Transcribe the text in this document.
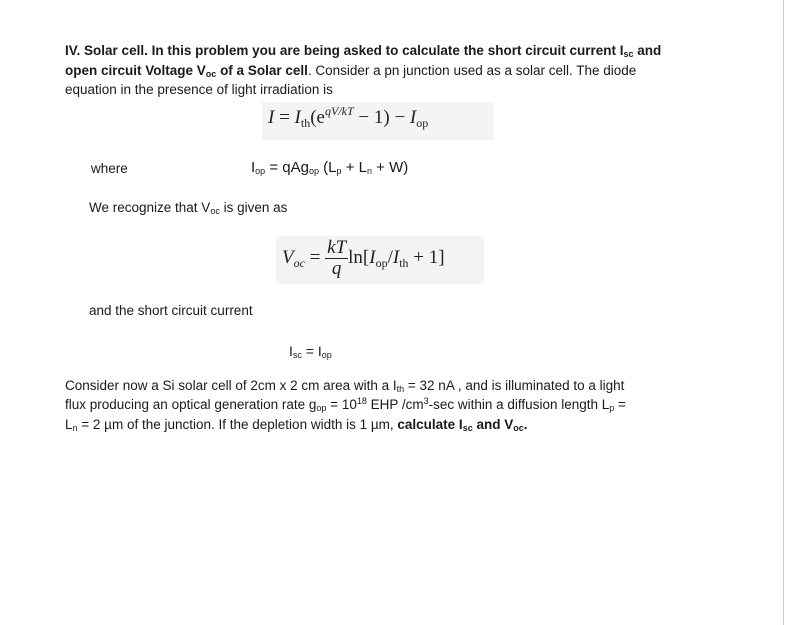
IV. Solar cell. In this problem you are being asked to calculate the short circuit current $I_{sc}$ and
open circuit Voltage $V_{oc}$ of a Solar cell. Consider a pn junction used as a solar cell. The diode
equation in the presence of light irradiation is
$I = I_{th}(e^{qV/kT} - 1) - I_{op}$
where	$I_{op} = qAg_{op}$ $(L_p + L_n + W)$
We recognize that $V_{oc}$ is given as
$V_{oc} = \frac{kT}{q} \ln[I_{op}/I_{th} + 1]$
and the short circuit current
$I_{sc} = I_{op}$
Consider now a Si solar cell of 2cm x 2 cm area with a $I_{th} = 32$ nA , and is illuminated to a light
flux producing an optical generation rate $g_{op} = 10^{18}$ EHP $/cm^3-\sec$ within a diffusion length $L_p$ =
$L_n = 2$ µm of the junction. If the depletion width is 1 µm, calculate $I_{sc}$ and $V_{oc}$.
